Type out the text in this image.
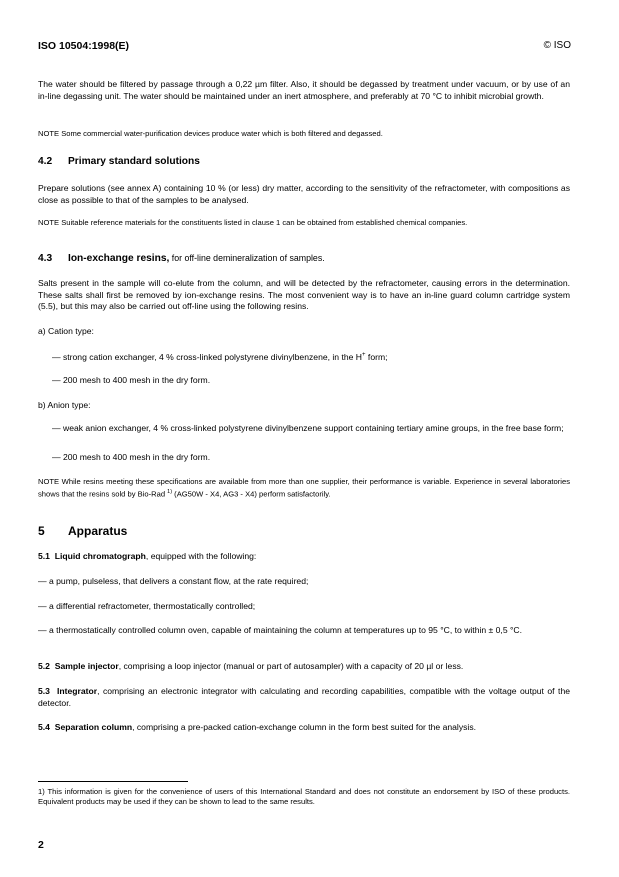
ISO 10504:1998(E)	© ISO
The water should be filtered by passage through a 0,22 µm filter. Also, it should be degassed by treatment under vacuum, or by use of an in-line degassing unit. The water should be maintained under an inert atmosphere, and preferably at 70 °C to inhibit microbial growth.
NOTE Some commercial water-purification devices produce water which is both filtered and degassed.
4.2 Primary standard solutions
Prepare solutions (see annex A) containing 10 % (or less) dry matter, according to the sensitivity of the refractometer, with compositions as close as possible to that of the samples to be analysed.
NOTE Suitable reference materials for the constituents listed in clause 1 can be obtained from established chemical companies.
4.3 Ion-exchange resins, for off-line demineralization of samples.
Salts present in the sample will co-elute from the column, and will be detected by the refractometer, causing errors in the determination. These salts shall first be removed by ion-exchange resins. The most convenient way is to have an in-line guard column cartridge system (5.5), but this may also be carried out off-line using the following resins.
a) Cation type:
— strong cation exchanger, 4 % cross-linked polystyrene divinylbenzene, in the H+ form;
— 200 mesh to 400 mesh in the dry form.
b) Anion type:
— weak anion exchanger, 4 % cross-linked polystyrene divinylbenzene support containing tertiary amine groups, in the free base form;
— 200 mesh to 400 mesh in the dry form.
NOTE While resins meeting these specifications are available from more than one supplier, their performance is variable. Experience in several laboratories shows that the resins sold by Bio-Rad $^{1)}$ (AG50W - X4, AG3 - X4) perform satisfactorily.
5 Apparatus
5.1 Liquid chromatograph, equipped with the following:
— a pump, pulseless, that delivers a constant flow, at the rate required;
— a differential refractometer, thermostatically controlled;
— a thermostatically controlled column oven, capable of maintaining the column at temperatures up to 95 °C, to within ± 0,5 °C.
5.2 Sample injector, comprising a loop injector (manual or part of autosampler) with a capacity of 20 µl or less.
5.3 Integrator, comprising an electronic integrator with calculating and recording capabilities, compatible with the voltage output of the detector.
5.4 Separation column, comprising a pre-packed cation-exchange column in the form best suited for the analysis.
1) This information is given for the convenience of users of this International Standard and does not constitute an endorsement by ISO of these products. Equivalent products may be used if they can be shown to lead to the same results.
2
